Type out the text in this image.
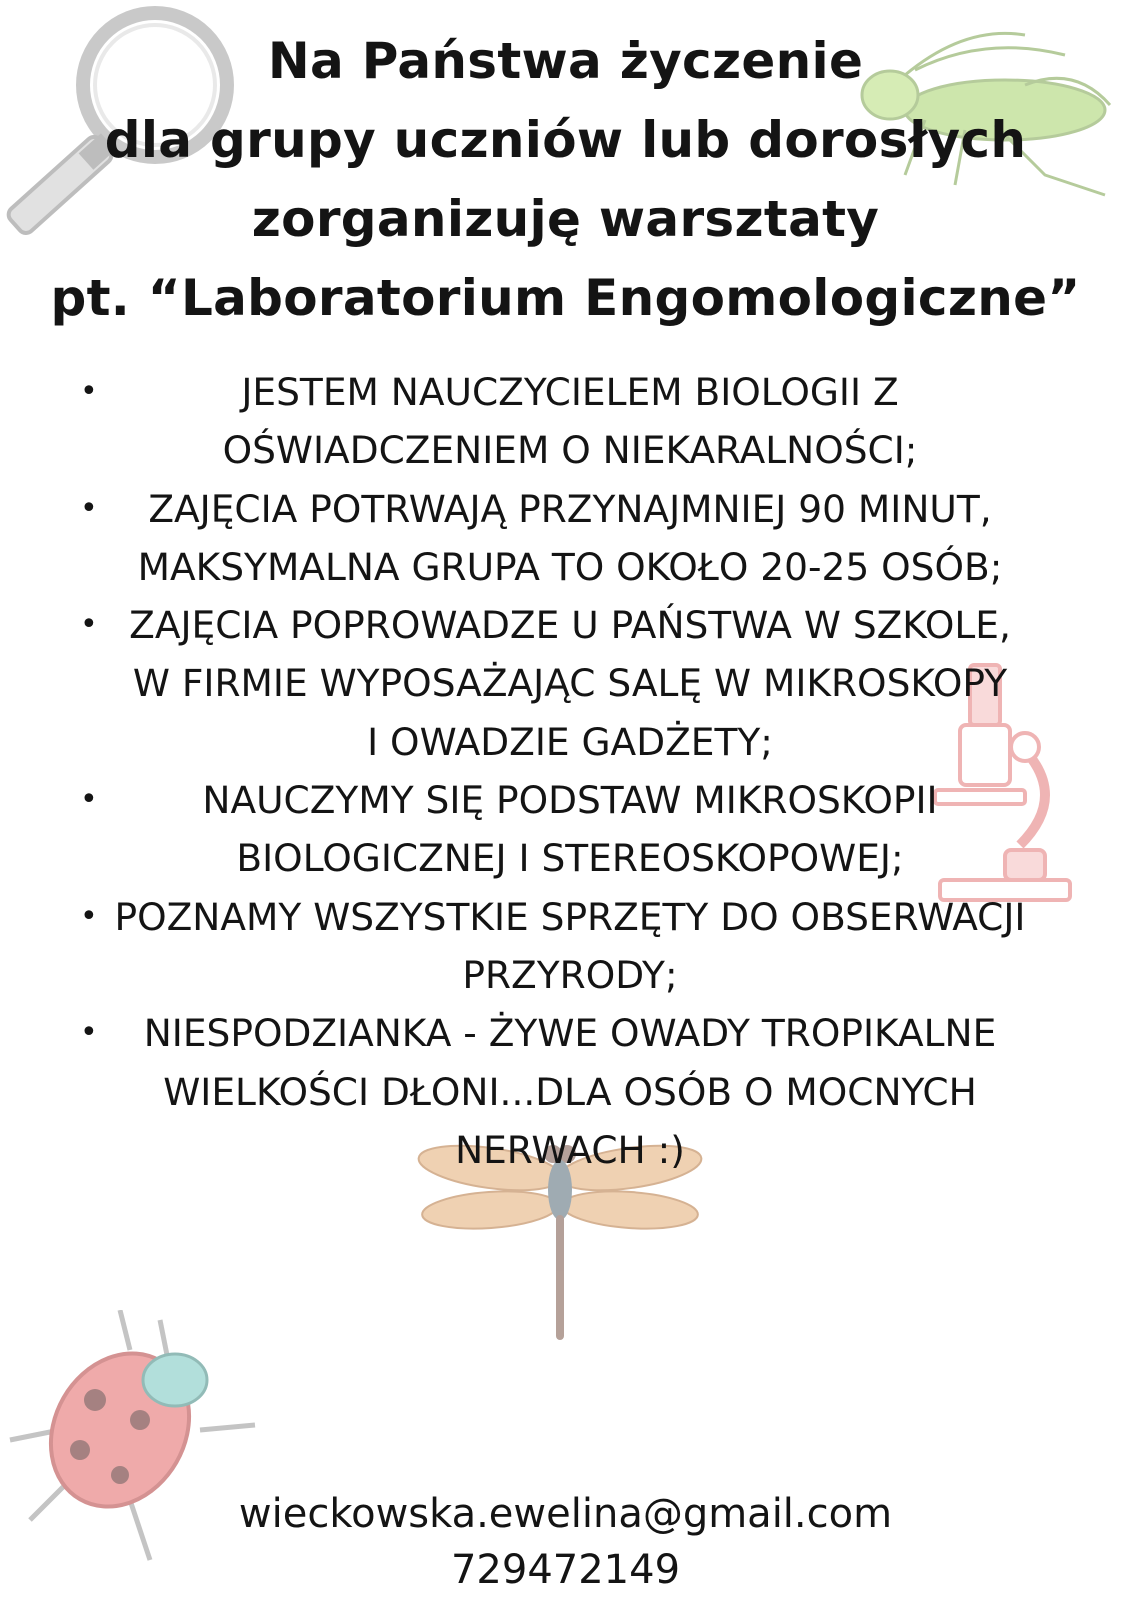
Na Państwa życzenie
dla grupy uczniów lub dorosłych
zorganizuję warsztaty
pt. “Laboratorium Engomologiczne”
•	JESTEM NAUCZYCIELEM BIOLOGII Z
OŚWIADCZENIEM O NIEKARALNOŚCI;
•	ZAJĘCIA POTRWAJĄ PRZYNAJMNIEJ 90 MINUT,
MAKSYMALNA GRUPA TO OKOŁO 20-25 OSÓB;
• ZAJĘCIA POPROWADZE U PAŃSTWA W SZKOLE,
W FIRMIE WYPOSAŻAJĄC SALĘ W MIKROSKOPY
I OWADZIE GADŻETY;
•	NAUCZYMY SIĘ PODSTAW MIKROSKOPII
BIOLOGICZNEJ I STEREOSKOPOWEJ;
• POZNAMY WSZYSTKIE SPRZĘTY DO OBSERWACJI
PRZYRODY;
•	NIESPODZIANKA - ŻYWE OWADY TROPIKALNE
WIELKOŚCI DŁONI...DLA OSÓB O MOCNYCH
NERWACH :)
wieckowska.ewelina@gmail.com
729472149
